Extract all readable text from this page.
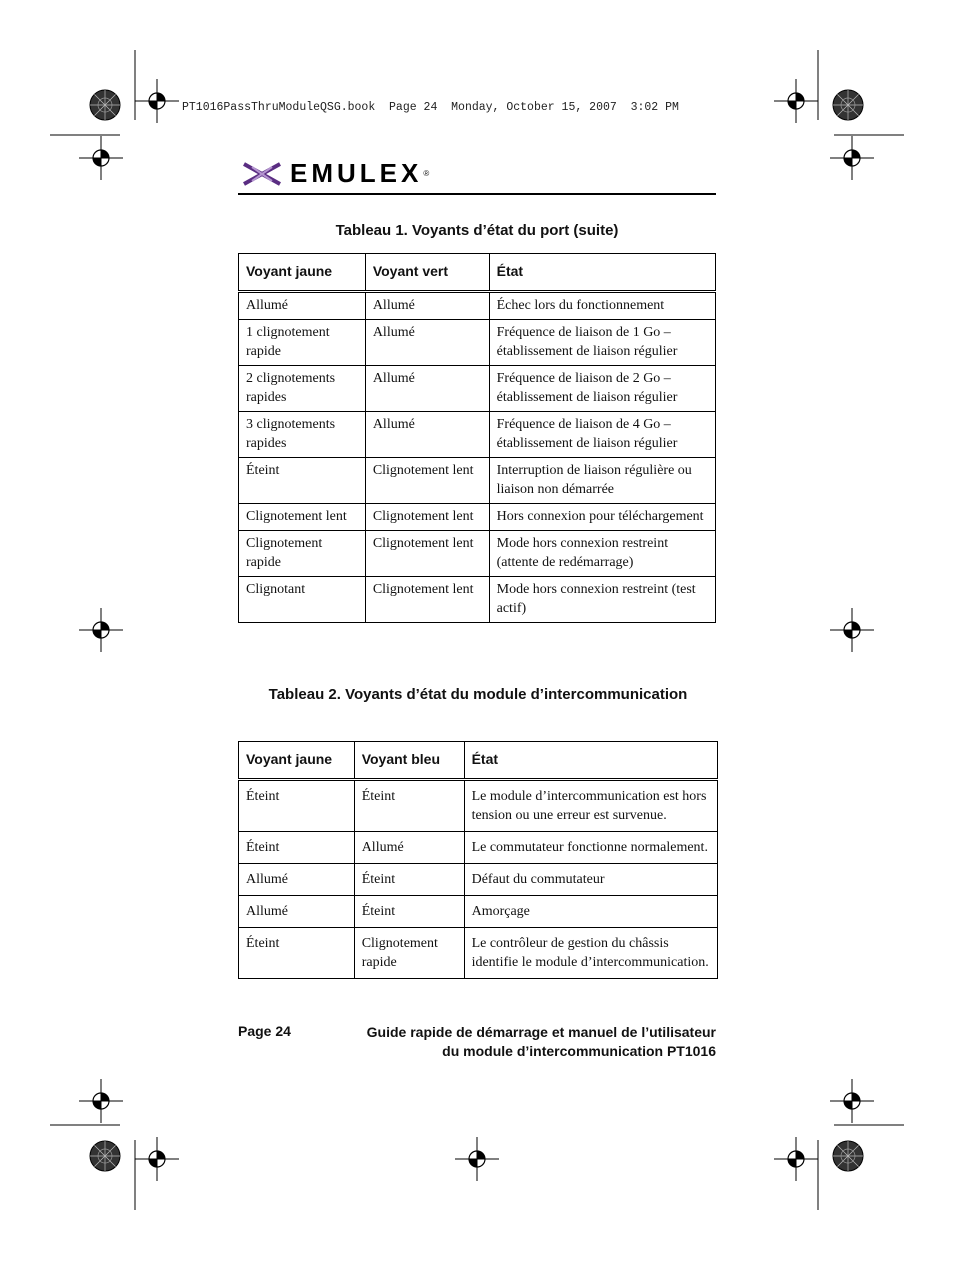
PT1016PassThruModuleQSG.book  Page 24  Monday, October 15, 2007  3:02 PM
EMULEX ®
Tableau 1. Voyants d’état du port (suite)
Voyant jaune	Voyant vert	État
Allumé	Allumé	Échec lors du fonctionnement
1 clignotement rapide	Allumé	Fréquence de liaison de 1 Go – établissement de liaison régulier
2 clignotements rapides	Allumé	Fréquence de liaison de 2 Go – établissement de liaison régulier
3 clignotements rapides	Allumé	Fréquence de liaison de 4 Go – établissement de liaison régulier
Éteint	Clignotement lent	Interruption de liaison régulière ou liaison non démarrée
Clignotement lent	Clignotement lent	Hors connexion pour téléchargement
Clignotement rapide	Clignotement lent	Mode hors connexion restreint (attente de redémarrage)
Clignotant	Clignotement lent	Mode hors connexion restreint (test actif)
Tableau 2. Voyants d’état du module d’intercommunication
Voyant jaune	Voyant bleu	État
Éteint	Éteint	Le module d’intercommunication est hors tension ou une erreur est survenue.
Éteint	Allumé	Le commutateur fonctionne normalement.
Allumé	Éteint	Défaut du commutateur
Allumé	Éteint	Amorçage
Éteint	Clignotement rapide	Le contrôleur de gestion du châssis identifie le module d’intercommunication.
Page 24	Guide rapide de démarrage et manuel de l’utilisateur
du module d’intercommunication PT1016
